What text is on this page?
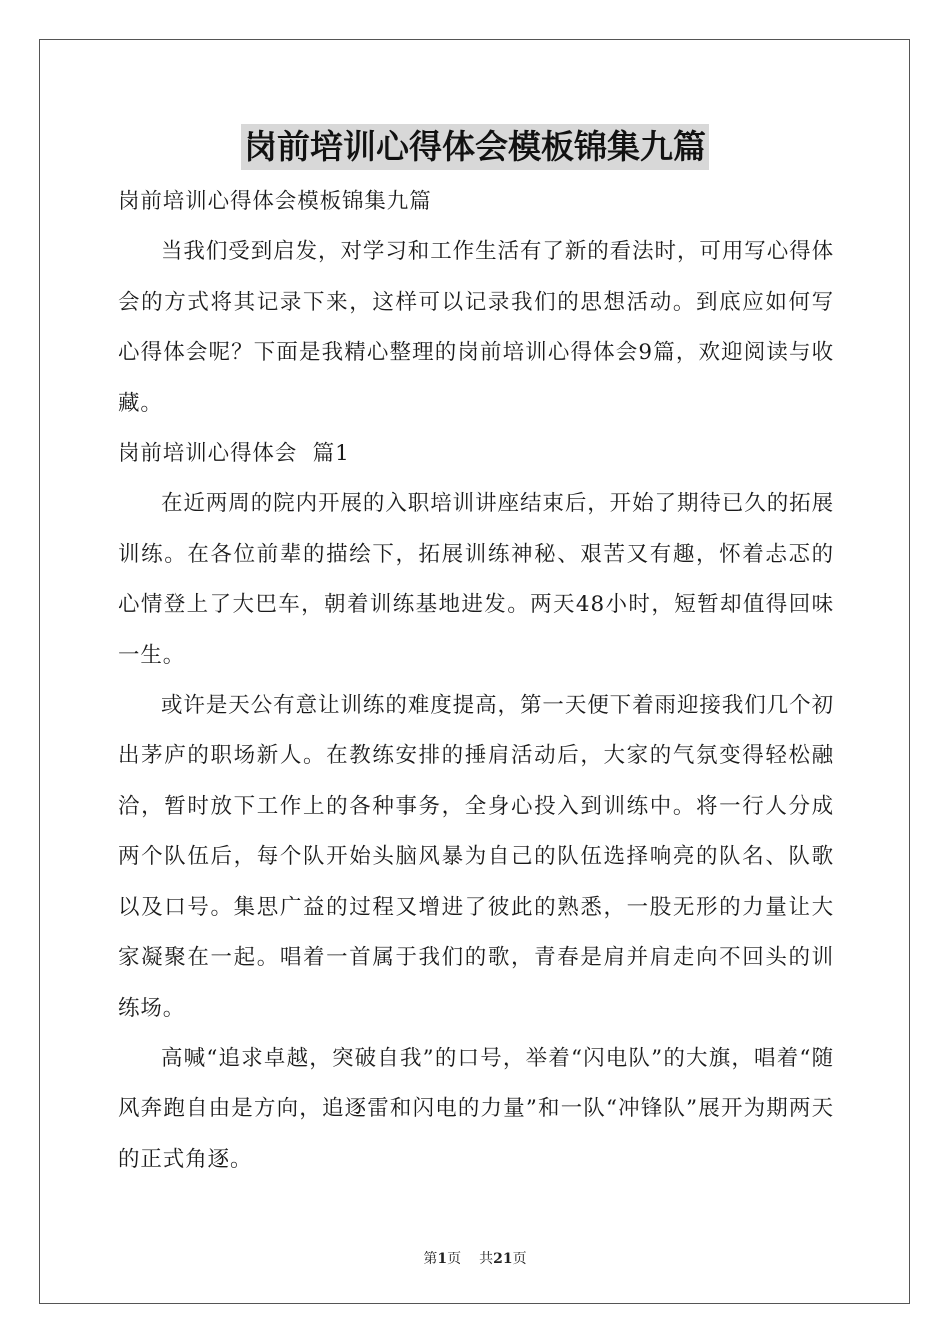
岗前培训心得体会模板锦集九篇

岗前培训心得体会模板锦集九篇

当我们受到启发，对学习和工作生活有了新的看法时，可用写心得体会的方式将其记录下来，这样可以记录我们的思想活动。到底应如何写心得体会呢？下面是我精心整理的岗前培训心得体会9篇，欢迎阅读与收藏。

岗前培训心得体会  篇1

在近两周的院内开展的入职培训讲座结束后，开始了期待已久的拓展训练。在各位前辈的描绘下，拓展训练神秘、艰苦又有趣，怀着忐忑的心情登上了大巴车，朝着训练基地进发。两天48小时，短暂却值得回味一生。

或许是天公有意让训练的难度提高，第一天便下着雨迎接我们几个初出茅庐的职场新人。在教练安排的捶肩活动后，大家的气氛变得轻松融洽，暂时放下工作上的各种事务，全身心投入到训练中。将一行人分成两个队伍后，每个队开始头脑风暴为自己的队伍选择响亮的队名、队歌以及口号。集思广益的过程又增进了彼此的熟悉，一股无形的力量让大家凝聚在一起。唱着一首属于我们的歌，青春是肩并肩走向不回头的训练场。

高喊“追求卓越，突破自我”的口号，举着“闪电队”的大旗，唱着“随风奔跑自由是方向，追逐雷和闪电的力量”和一队“冲锋队”展开为期两天的正式角逐。

第1页 共21页
